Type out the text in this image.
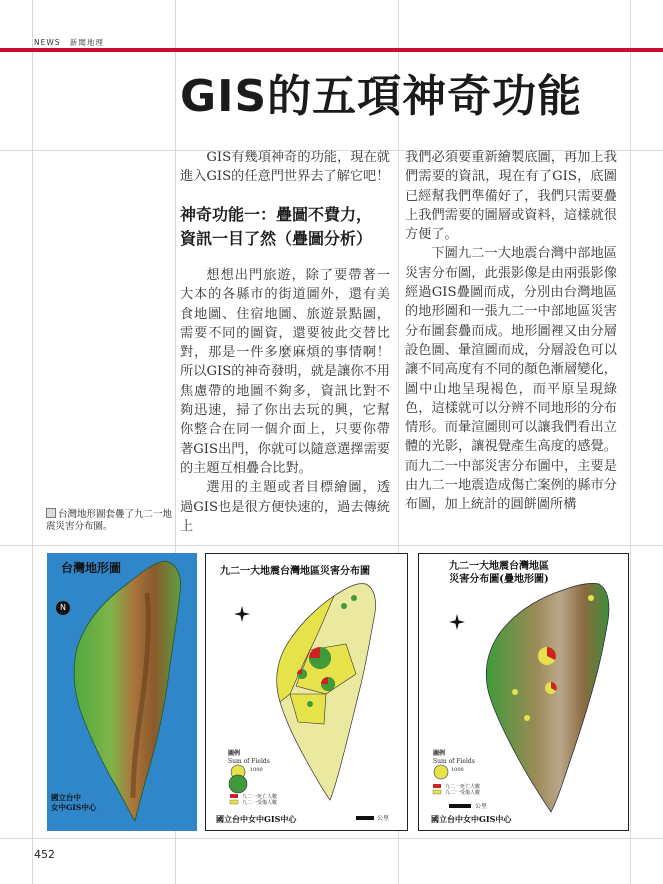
NEWS 新聞地理
GIS的五項神奇功能

GIS有幾項神奇的功能，現在就進入GIS的任意門世界去了解它吧！

神奇功能一：疊圖不費力，
資訊一目了然（疊圖分析）

想想出門旅遊，除了要帶著一大本的各縣市的街道圖外，還有美食地圖、住宿地圖、旅遊景點圖，需要不同的圖資，還要彼此交替比對，那是一件多麼麻煩的事情啊！所以GIS的神奇發明，就是讓你不用焦慮帶的地圖不夠多，資訊比對不夠迅速，掃了你出去玩的興，它幫你整合在同一個介面上，只要你帶著GIS出門，你就可以隨意選擇需要的主題互相疊合比對。

選用的主題或者目標繪圖，透過GIS也是很方便快速的，過去傳統上

我們必須要重新繪製底圖，再加上我們需要的資訊，現在有了GIS，底圖已經幫我們準備好了，我們只需要疊上我們需要的圖層或資料，這樣就很方便了。

下圖九二一大地震台灣中部地區災害分布圖，此張影像是由兩張影像經過GIS疊圖而成，分別由台灣地區的地形圖和一張九二一中部地區災害分布圖套疊而成。地形圖裡又由分層設色圖、暈渲圖而成，分層設色可以讓不同高度有不同的顏色漸層變化，圖中山地呈現褐色，而平原呈現綠色，這樣就可以分辨不同地形的分布情形。而暈渲圖則可以讓我們看出立體的光影，讓視覺產生高度的感覺。而九二一中部災害分布圖中，主要是由九二一地震造成傷亡案例的縣市分布圖，加上統計的圓餅圖所構

台灣地形圖套疊了九二一地震災害分布圖。
台灣地形圖
N
國立台中
女中GIS中心
九二一大地震台灣地區災害分布圖
圖例
Sum of Fields
1000
九二一死亡人數
九二一受傷人數
公里
國立台中女中GIS中心
九二一大地震台灣地區
災害分布圖(疊地形圖)
圖例
Sum of Fields
1000
九二一死亡人數
九二一受傷人數
公里
國立台中女中GIS中心
452
